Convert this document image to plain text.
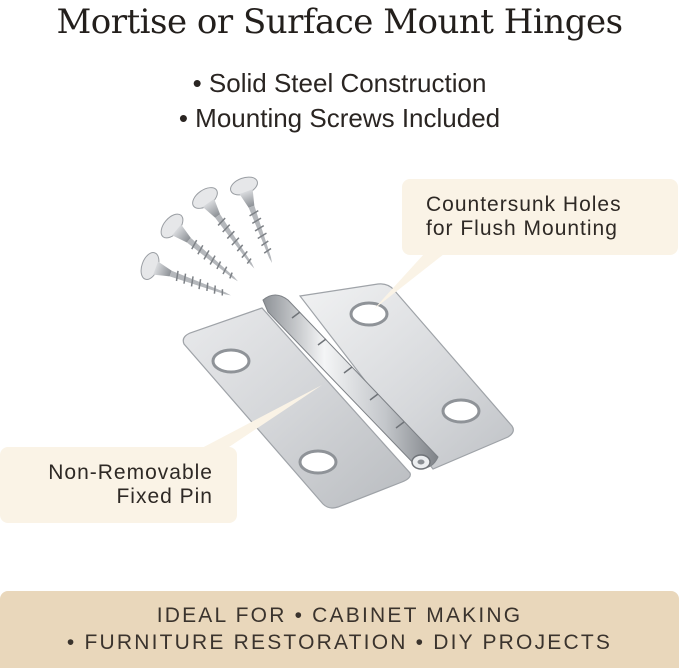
Mortise or Surface Mount Hinges
• Solid Steel Construction
• Mounting Screws Included
Countersunk Holes
for Flush Mounting
Non-Removable
Fixed Pin
IDEAL FOR • CABINET MAKING
• FURNITURE RESTORATION • DIY PROJECTS
